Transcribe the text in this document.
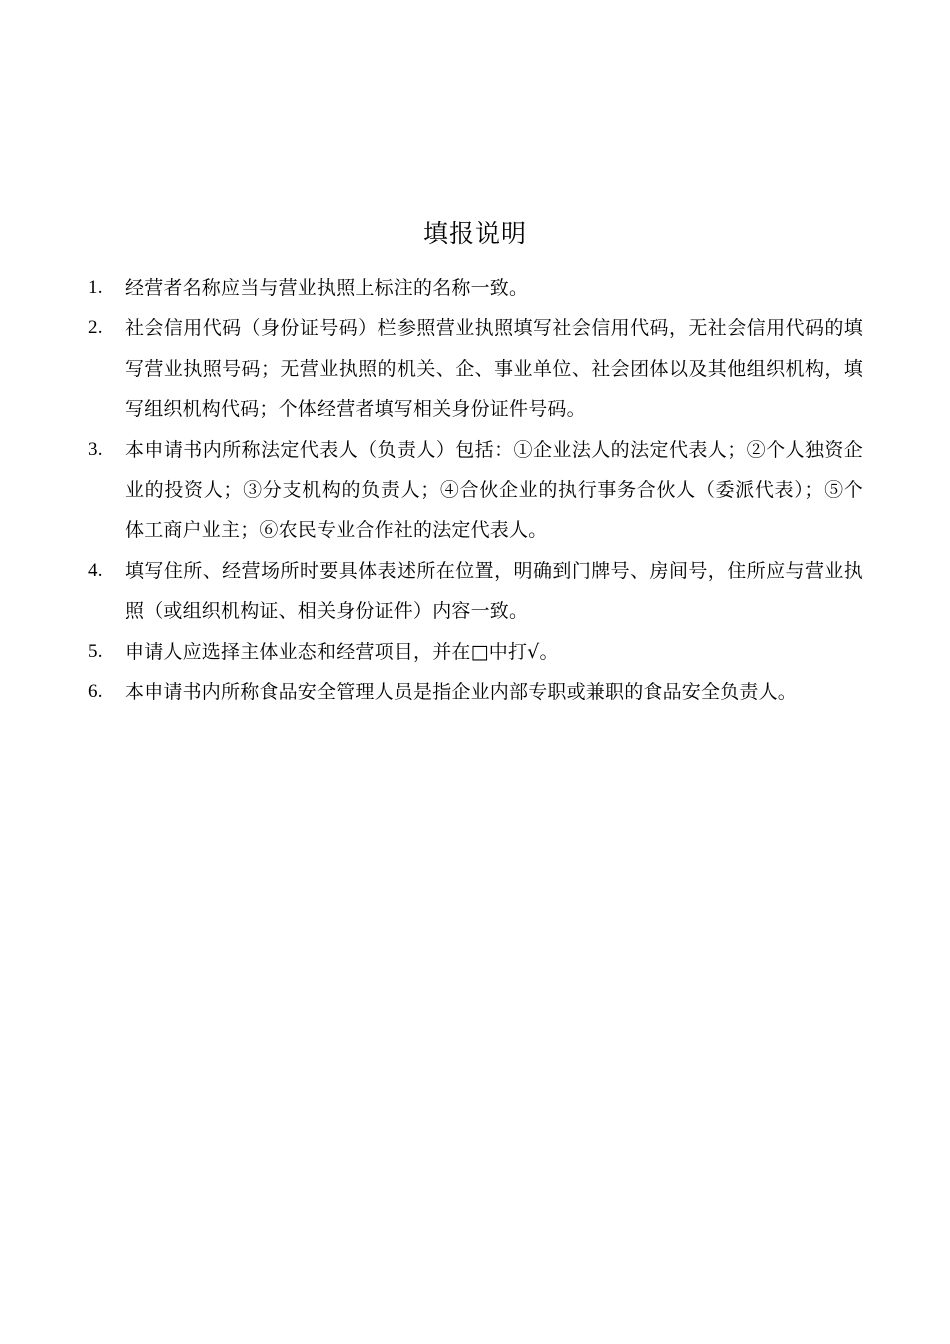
填报说明
1.	经营者名称应当与营业执照上标注的名称一致。
2.	社会信用代码（身份证号码）栏参照营业执照填写社会信用代码，无社会信用代码的填写营业执照号码；无营业执照的机关、企、事业单位、社会团体以及其他组织机构，填写组织机构代码；个体经营者填写相关身份证件号码。
3.	本申请书内所称法定代表人（负责人）包括：①企业法人的法定代表人；②个人独资企业的投资人；③分支机构的负责人；④合伙企业的执行事务合伙人（委派代表）；⑤个体工商户业主；⑥农民专业合作社的法定代表人。
4.	填写住所、经营场所时要具体表述所在位置，明确到门牌号、房间号，住所应与营业执照（或组织机构证、相关身份证件）内容一致。
5.	申请人应选择主体业态和经营项目，并在□中打√。
6.	本申请书内所称食品安全管理人员是指企业内部专职或兼职的食品安全负责人。
